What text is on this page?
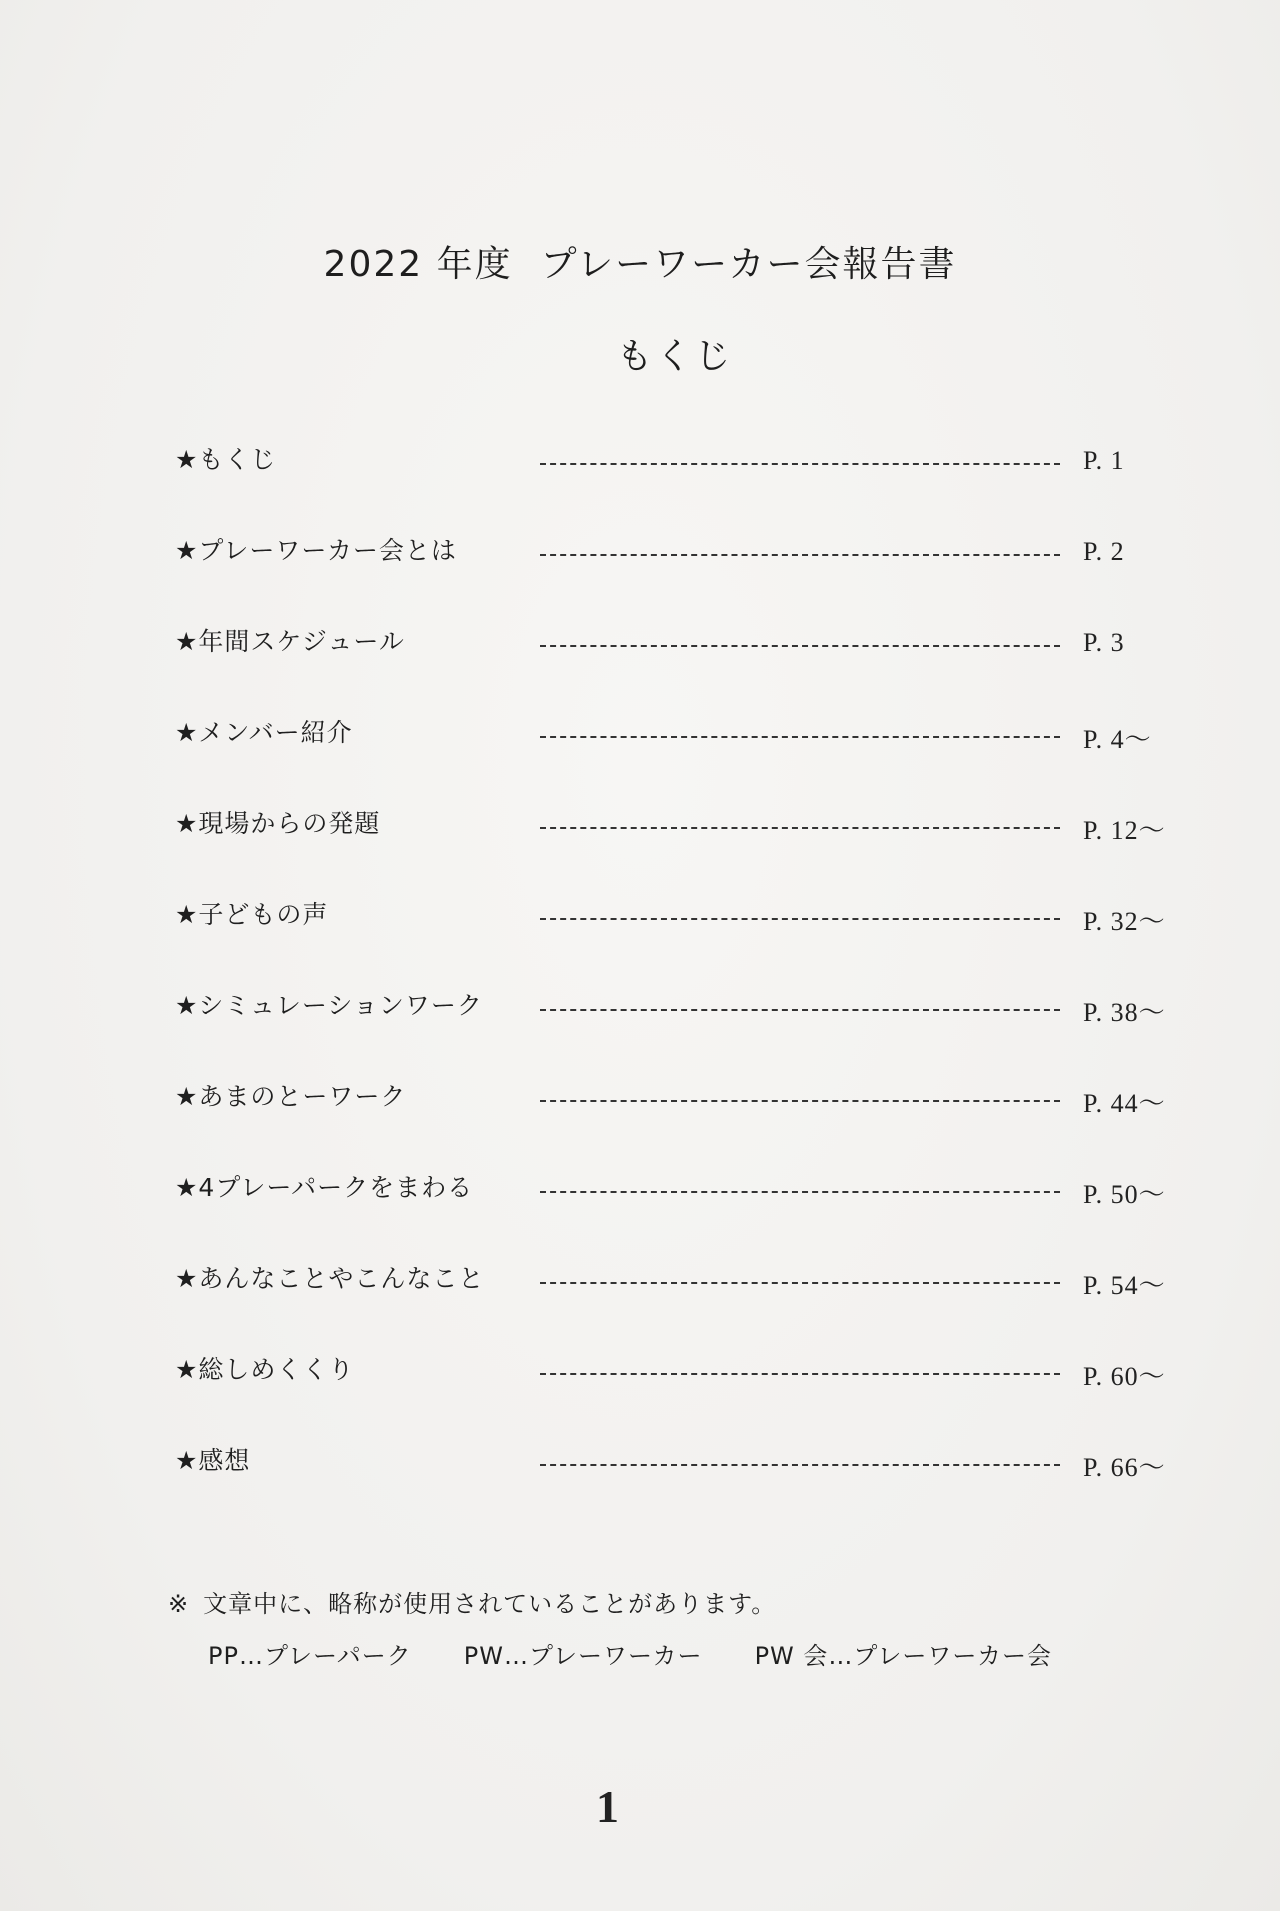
2022 年度 プレーワーカー会報告書
もくじ
★もくじ	P. 1
★プレーワーカー会とは	P. 2
★年間スケジュール	P. 3
★メンバー紹介	P. 4〜
★現場からの発題	P. 12〜
★子どもの声	P. 32〜
★シミュレーションワーク	P. 38〜
★あまのとーワーク	P. 44〜
★4プレーパークをまわる	P. 50〜
★あんなことやこんなこと	P. 54〜
★総しめくくり	P. 60〜
★感想	P. 66〜
※ 文章中に、略称が使用されていることがあります。
PP…プレーパーク PW…プレーワーカー PW 会…プレーワーカー会
1
